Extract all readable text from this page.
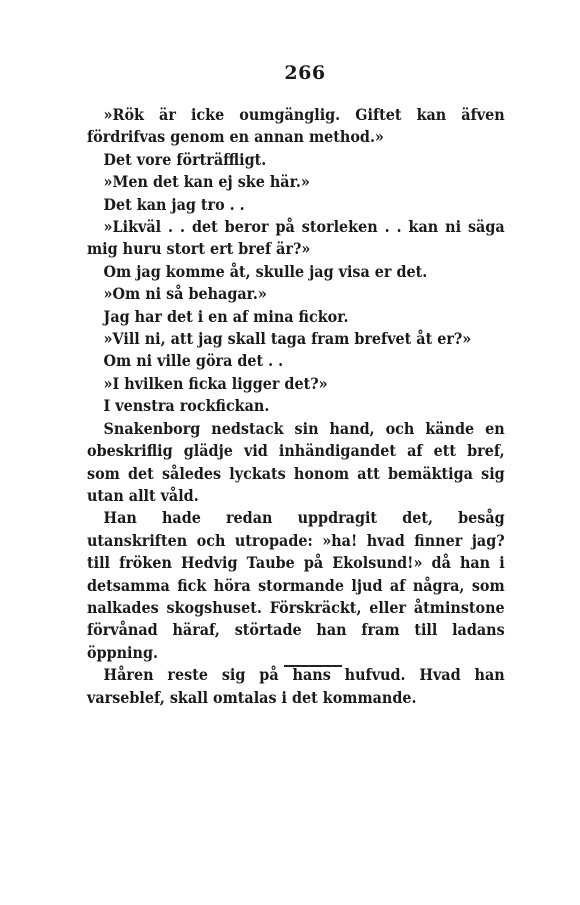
266

»Rök är icke oumgänglig. Giftet kan äfven fördrifvas genom en annan method.»

Det vore förträffligt.

»Men det kan ej ske här.»

Det kan jag tro . .

»Likväl . . det beror på storleken . . kan ni säga mig huru stort ert bref är?»

Om jag komme åt, skulle jag visa er det.

»Om ni så behagar.»

Jag har det i en af mina fickor.

»Vill ni, att jag skall taga fram brefvet åt er?»

Om ni ville göra det . .

»I hvilken ficka ligger det?»

I venstra rockfickan.

Snakenborg nedstack sin hand, och kände en obeskriflig glädje vid inhändigandet af ett bref, som det således lyckats honom att bemäktiga sig utan allt våld.

Han hade redan uppdragit det, besåg utanskriften och utropade: »ha! hvad finner jag? till fröken Hedvig Taube på Ekolsund!» då han i detsamma fick höra stormande ljud af några, som nalkades skogshuset. Förskräckt, eller åtminstone förvånad häraf, störtade han fram till ladans öppning.

Håren reste sig på hans hufvud. Hvad han varseblef, skall omtalas i det kommande.
